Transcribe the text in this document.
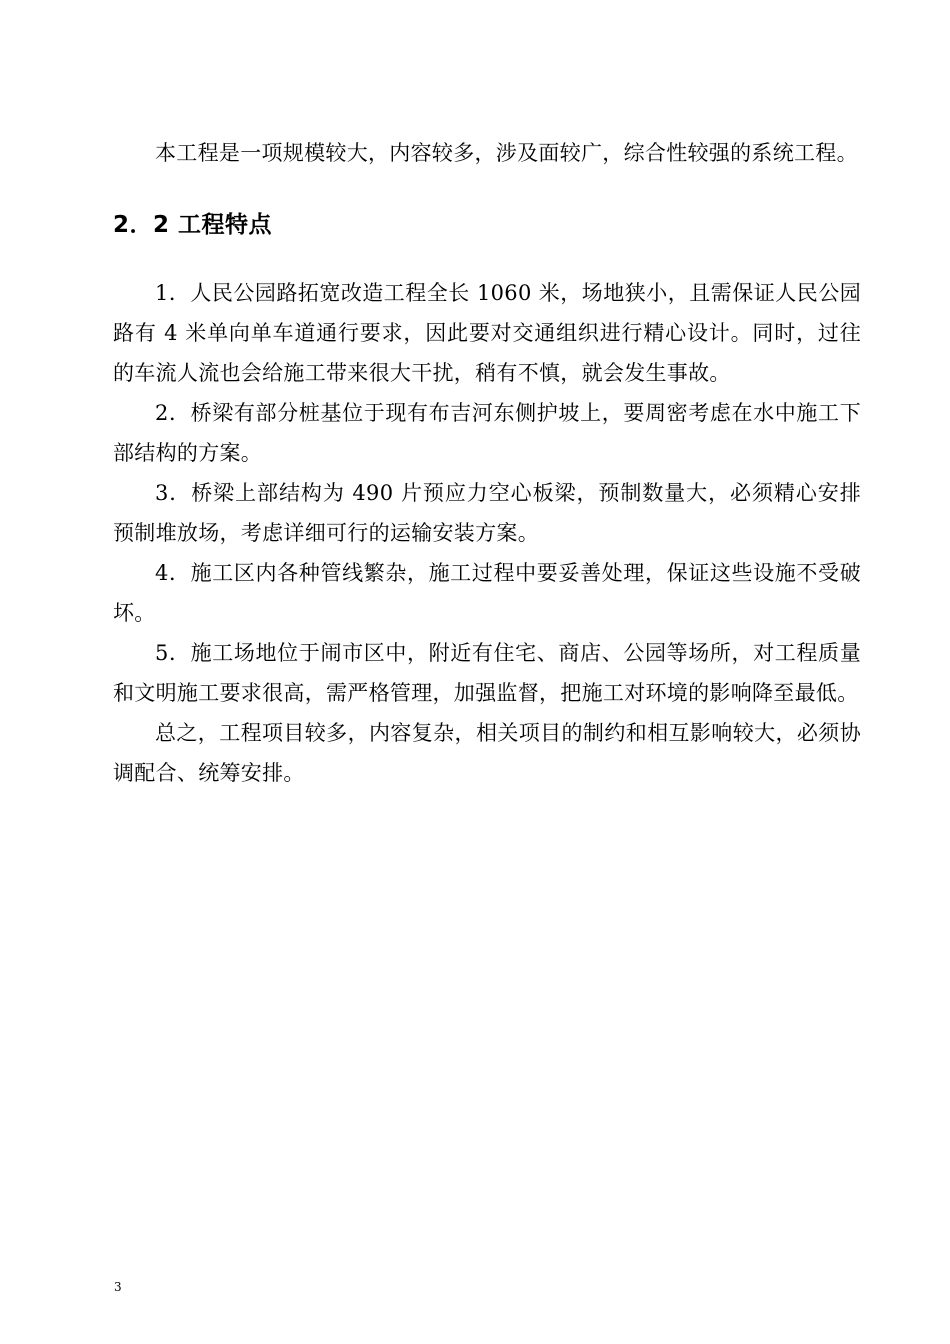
本工程是一项规模较大，内容较多，涉及面较广，综合性较强的系统工程。

2．2 工程特点

1．人民公园路拓宽改造工程全长 1060 米，场地狭小，且需保证人民公园路有 4 米单向单车道通行要求，因此要对交通组织进行精心设计。同时，过往的车流人流也会给施工带来很大干扰，稍有不慎，就会发生事故。

2．桥梁有部分桩基位于现有布吉河东侧护坡上，要周密考虑在水中施工下部结构的方案。

3．桥梁上部结构为 490 片预应力空心板梁，预制数量大，必须精心安排预制堆放场，考虑详细可行的运输安装方案。

4．施工区内各种管线繁杂，施工过程中要妥善处理，保证这些设施不受破坏。

5．施工场地位于闹市区中，附近有住宅、商店、公园等场所，对工程质量和文明施工要求很高，需严格管理，加强监督，把施工对环境的影响降至最低。

总之，工程项目较多，内容复杂，相关项目的制约和相互影响较大，必须协调配合、统筹安排。

3
